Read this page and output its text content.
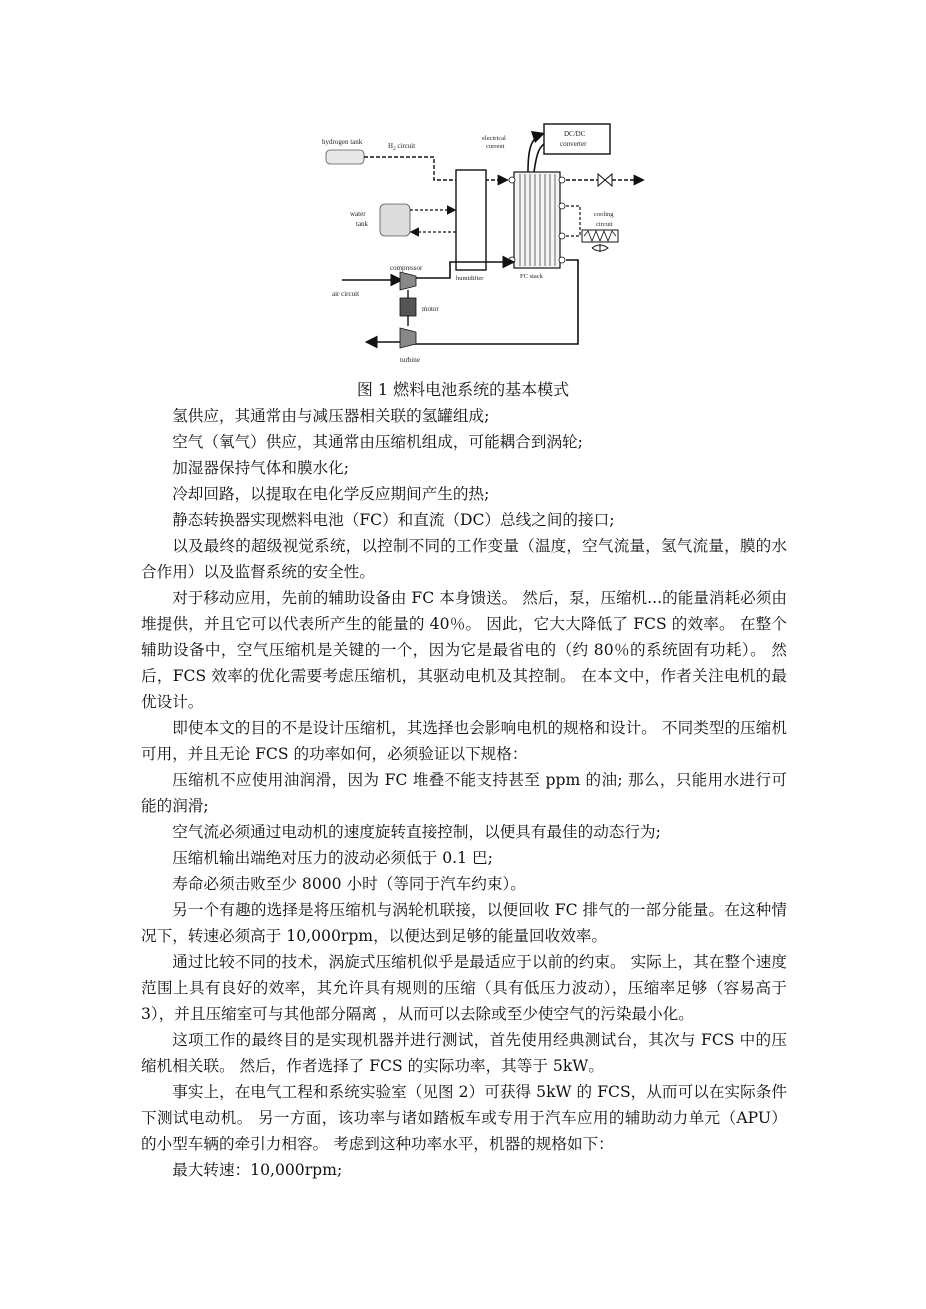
hydrogen tank	$H_2$ circuit
water
tank
humidifier
electrical
current
DC/DC
converter
FC stack
cooling
circuit
air circuit
compressor
motor
turbine
图 1 燃料电池系统的基本模式

氢供应，其通常由与减压器相关联的氢罐组成;

空气（氧气）供应，其通常由压缩机组成，可能耦合到涡轮;

加湿器保持气体和膜水化;

冷却回路，以提取在电化学反应期间产生的热;

静态转换器实现燃料电池（FC）和直流（DC）总线之间的接口;

以及最终的超级视觉系统，以控制不同的工作变量（温度，空气流量，氢气流量，膜的水合作用）以及监督系统的安全性。

对于移动应用，先前的辅助设备由 FC 本身馈送。 然后，泵，压缩机...的能量消耗必须由堆提供，并且它可以代表所产生的能量的 40％。 因此，它大大降低了 FCS 的效率。 在整个辅助设备中，空气压缩机是关键的一个，因为它是最省电的（约 80％的系统固有功耗）。 然后，FCS 效率的优化需要考虑压缩机，其驱动电机及其控制。 在本文中，作者关注电机的最优设计。

即使本文的目的不是设计压缩机，其选择也会影响电机的规格和设计。 不同类型的压缩机可用，并且无论 FCS 的功率如何，必须验证以下规格：

压缩机不应使用油润滑，因为 FC 堆叠不能支持甚至 ppm 的油; 那么，只能用水进行可能的润滑;

空气流必须通过电动机的速度旋转直接控制，以便具有最佳的动态行为;

压缩机输出端绝对压力的波动必须低于 0.1 巴;

寿命必须击败至少 8000 小时（等同于汽车约束）。

另一个有趣的选择是将压缩机与涡轮机联接，以便回收 FC 排气的一部分能量。在这种情况下，转速必须高于 10,000rpm，以便达到足够的能量回收效率。

通过比较不同的技术，涡旋式压缩机似乎是最适应于以前的约束。 实际上，其在整个速度范围上具有良好的效率，其允许具有规则的压缩（具有低压力波动），压缩率足够（容易高于 3），并且压缩室可与其他部分隔离 ，从而可以去除或至少使空气的污染最小化。

这项工作的最终目的是实现机器并进行测试，首先使用经典测试台，其次与 FCS 中的压缩机相关联。 然后，作者选择了 FCS 的实际功率，其等于 5kW。

事实上，在电气工程和系统实验室（见图 2）可获得 5kW 的 FCS，从而可以在实际条件下测试电动机。 另一方面，该功率与诸如踏板车或专用于汽车应用的辅助动力单元（APU）的小型车辆的牵引力相容。 考虑到这种功率水平，机器的规格如下：

最大转速：10,000rpm;
